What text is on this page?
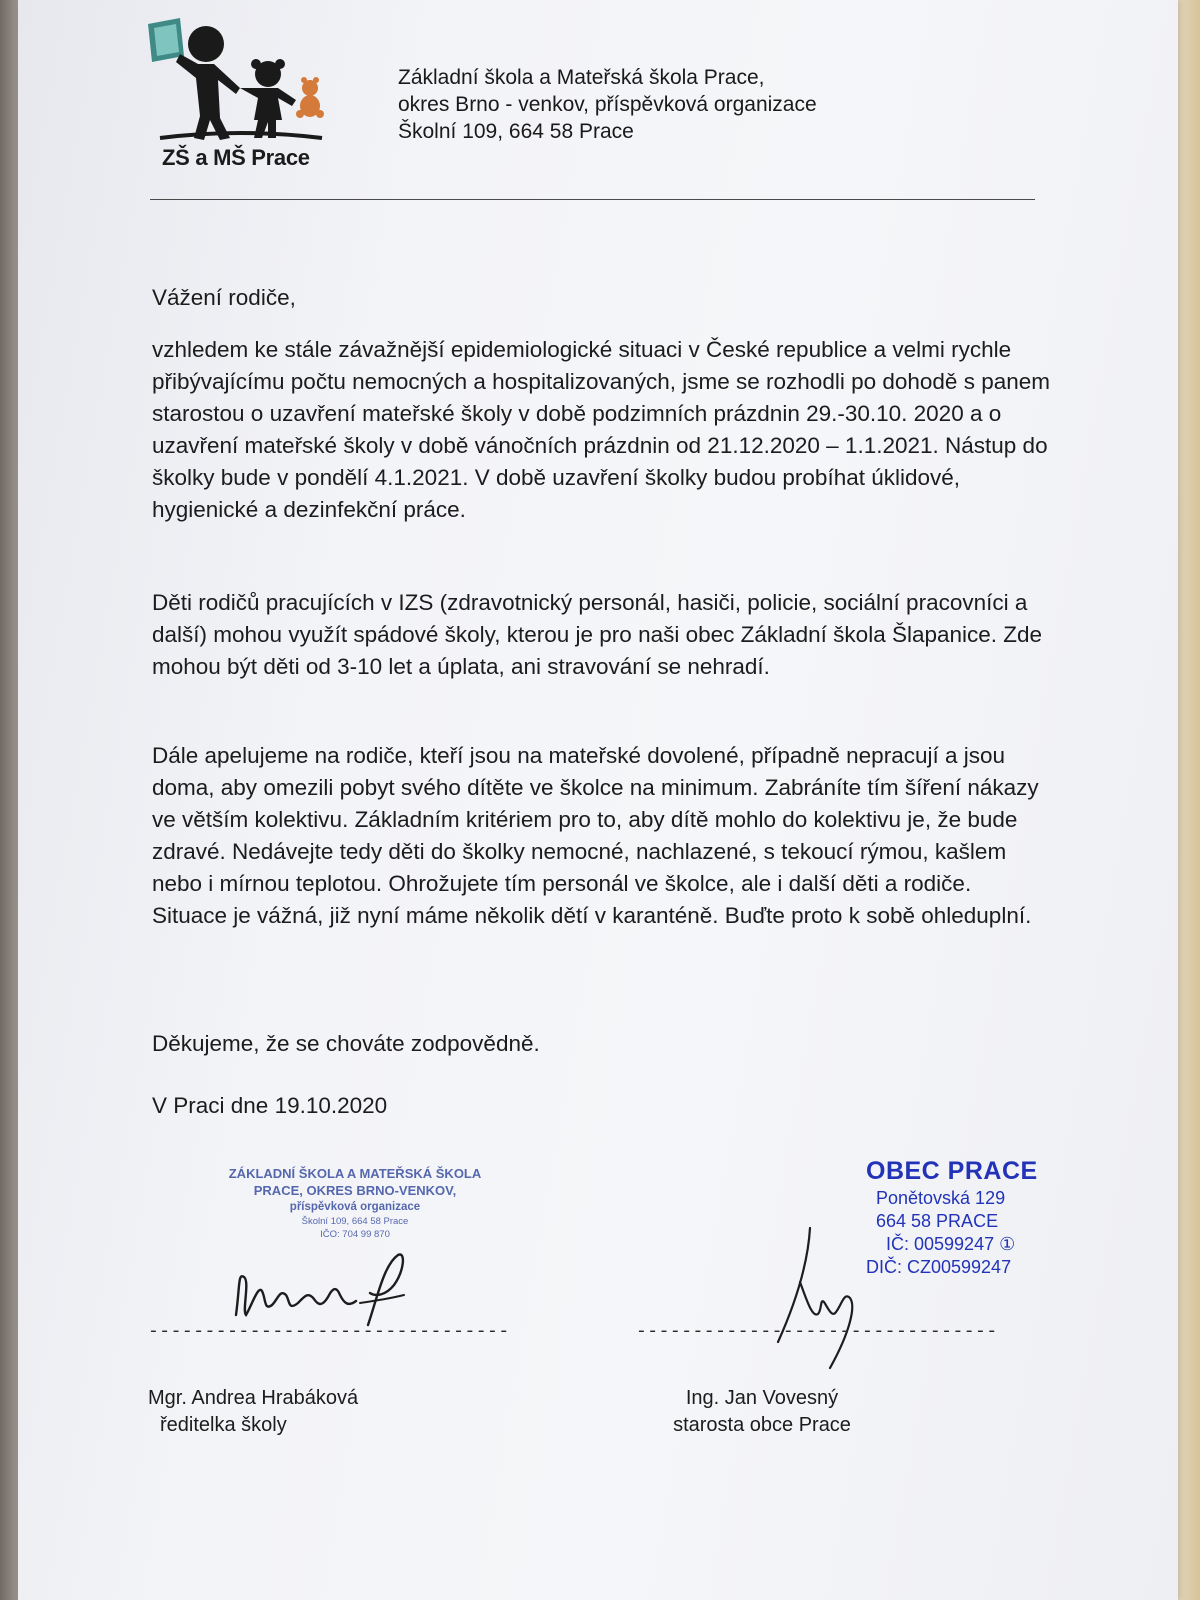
ZŠ a MŠ Prace
Základní škola a Mateřská škola Prace,
okres Brno - venkov, příspěvková organizace
Školní 109, 664 58 Prace

Vážení rodiče,

vzhledem ke stále závažnější epidemiologické situaci v České republice a velmi rychle přibývajícímu počtu nemocných a hospitalizovaných, jsme se rozhodli po dohodě s panem starostou o uzavření mateřské školy v době podzimních prázdnin 29.-30.10. 2020 a o uzavření mateřské školy v době vánočních prázdnin od 21.12.2020 – 1.1.2021. Nástup do školky bude v pondělí 4.1.2021. V době uzavření školky budou probíhat úklidové, hygienické a dezinfekční práce.

Děti rodičů pracujících v IZS (zdravotnický personál, hasiči, policie, sociální pracovníci a další) mohou využít spádové školy, kterou je pro naši obec Základní škola Šlapanice. Zde mohou být děti od 3-10 let a úplata, ani stravování se nehradí.

Dále apelujeme na rodiče, kteří jsou na mateřské dovolené, případně nepracují a jsou doma, aby omezili pobyt svého dítěte ve školce na minimum. Zabráníte tím šíření nákazy ve větším kolektivu. Základním kritériem pro to, aby dítě mohlo do kolektivu je, že bude zdravé. Nedávejte tedy děti do školky nemocné, nachlazené, s tekoucí rýmou, kašlem nebo i mírnou teplotou. Ohrožujete tím personál ve školce, ale i další děti a rodiče. Situace je vážná, již nyní máme několik dětí v karanténě. Buďte proto k sobě ohleduplní.

Děkujeme, že se chováte zodpovědně.

V Praci dne 19.10.2020

ZÁKLADNÍ ŠKOLA A MATEŘSKÁ ŠKOLA
PRACE, OKRES BRNO-VENKOV,
příspěvková organizace
Školní 109, 664 58 Prace
IČO: 704 99 870
OBEC PRACE
Ponětovská 129
664 58 PRACE
IČ: 00599247 ①
DIČ: CZ00599247
--------------------------------	--------------------------------
Mgr. Andrea Hrabáková
ředitelka školy
Ing. Jan Vovesný
starosta obce Prace
